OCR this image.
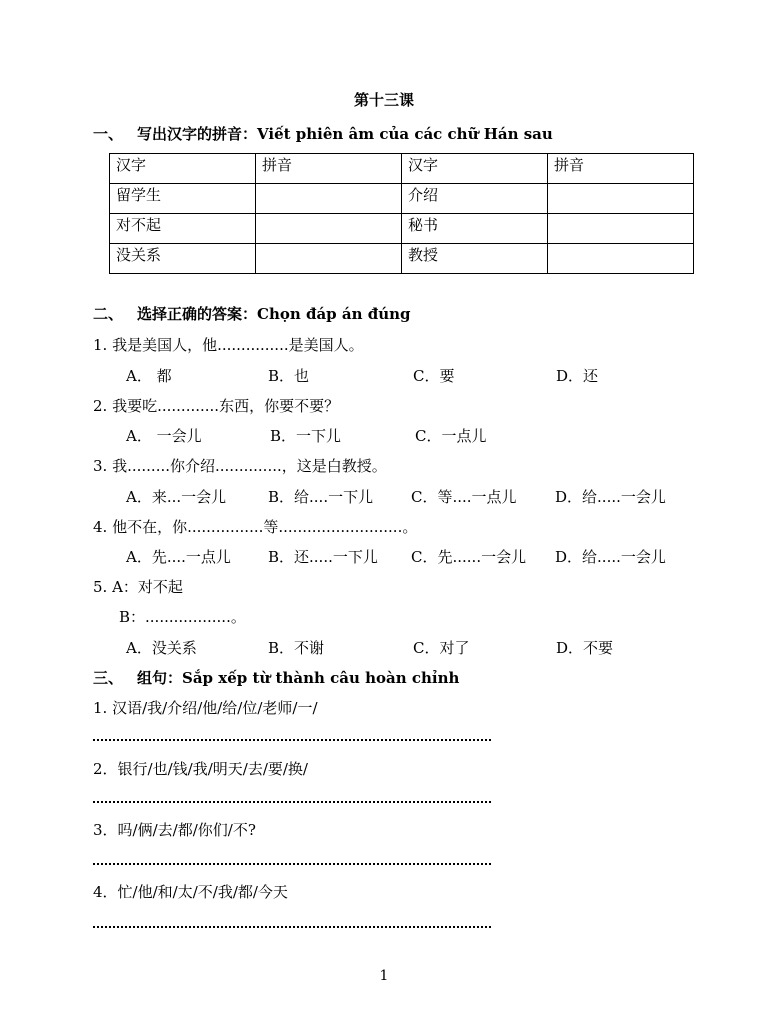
第十三课
一、 写出汉字的拼音：Viết phiên âm của các chữ Hán sau
汉字	拼音	汉字	拼音
留学生		介绍	
对不起		秘书	
没关系		教授	
二、 选择正确的答案：Chọn đáp án đúng
1. 我是美国人，他...............是美国人。
A． 都	B．也	C．要	D．还
2. 我要吃.............东西，你要不要？
A． 一会儿	B．一下儿	C．一点儿
3. 我.........你介绍..............，这是白教授。
A．来...一会儿	B．给....一下儿	C．等....一点儿	D．给.....一会儿
4. 他不在，你................等..........................。
A．先....一点儿 B．还.....一下儿 C．先......一会儿 D．给.....一会儿
5. A：对不起
B：..................。
A．没关系	B．不谢	C．对了	D．不要
三、 组句：Sắp xếp từ thành câu hoàn chỉnh
1. 汉语/我/介绍/他/给/位/老师/一/
2．银行/也/钱/我/明天/去/要/换/
3．吗/俩/去/都/你们/不?
4．忙/他/和/太/不/我/都/今天
1
